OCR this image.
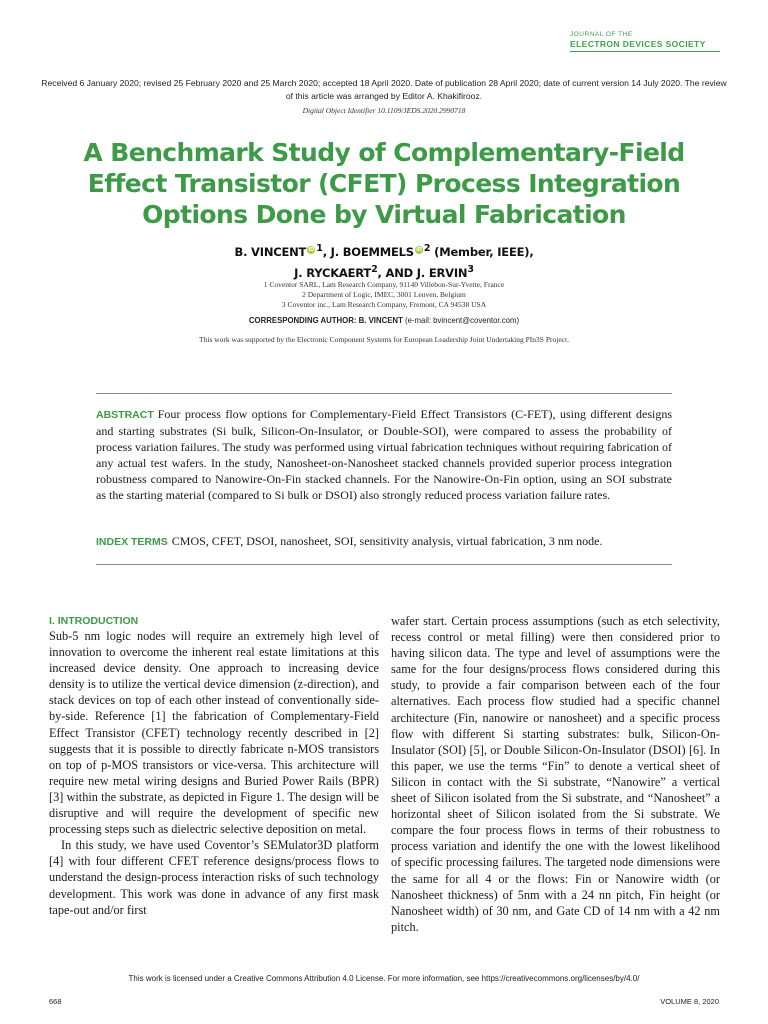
JOURNAL OF THE
ELECTRON DEVICES SOCIETY
Received 6 January 2020; revised 25 February 2020 and 25 March 2020; accepted 18 April 2020. Date of publication 28 April 2020; date of current version 14 July 2020. The review of this article was arranged by Editor A. Khakifirooz.
Digital Object Identifier 10.1109/JEDS.2020.2990718
A Benchmark Study of Complementary-Field Effect Transistor (CFET) Process Integration Options Done by Virtual Fabrication
B. VINCENT iD $^1$, J. BOEMMELS iD $^2$ (Member, IEEE),
J. RYCKAERT$^2$, AND J. ERVIN$^3$
1 Coventor SARL, Lam Research Company, 91140 Villebon-Sur-Yvette, France
2 Department of Logic, IMEC, 3001 Leuven, Belgium
3 Coventor inc., Lam Research Company, Fremont, CA 94538 USA
CORRESPONDING AUTHOR: B. VINCENT (e-mail: bvincent@coventor.com)
This work was supported by the Electronic Component Systems for European Leadership Joint Undertaking PIn3S Project.

ABSTRACT Four process flow options for Complementary-Field Effect Transistors (C-FET), using different designs and starting substrates (Si bulk, Silicon-On-Insulator, or Double-SOI), were compared to assess the probability of process variation failures. The study was performed using virtual fabrication techniques without requiring fabrication of any actual test wafers. In the study, Nanosheet-on-Nanosheet stacked channels provided superior process integration robustness compared to Nanowire-On-Fin stacked channels. For the Nanowire-On-Fin option, using an SOI substrate as the starting material (compared to Si bulk or DSOI) also strongly reduced process variation failure rates.

INDEX TERMS CMOS, CFET, DSOI, nanosheet, SOI, sensitivity analysis, virtual fabrication, 3 nm node.

I. INTRODUCTION

Sub-5 nm logic nodes will require an extremely high level of innovation to overcome the inherent real estate limitations at this increased device density. One approach to increasing device density is to utilize the vertical device dimension (z-direction), and stack devices on top of each other instead of conventionally side-by-side. Reference [1] the fabrication of Complementary-Field Effect Transistor (CFET) technology recently described in [2] suggests that it is possible to directly fabricate n-MOS transistors on top of p-MOS transistors or vice-versa. This architecture will require new metal wiring designs and Buried Power Rails (BPR) [3] within the substrate, as depicted in Figure 1. The design will be disruptive and will require the development of specific new processing steps such as dielectric selective deposition on metal.

In this study, we have used Coventor’s SEMulator3D platform [4] with four different CFET reference designs/process flows to understand the design-process interaction risks of such technology development. This work was done in advance of any first mask tape-out and/or first

wafer start. Certain process assumptions (such as etch selectivity, recess control or metal filling) were then considered prior to having silicon data. The type and level of assumptions were the same for the four designs/process flows considered during this study, to provide a fair comparison between each of the four alternatives. Each process flow studied had a specific channel architecture (Fin, nanowire or nanosheet) and a specific process flow with different Si starting substrates: bulk, Silicon-On-Insulator (SOI) [5], or Double Silicon-On-Insulator (DSOI) [6]. In this paper, we use the terms “Fin” to denote a vertical sheet of Silicon in contact with the Si substrate, “Nanowire” a vertical sheet of Silicon isolated from the Si substrate, and “Nanosheet” a horizontal sheet of Silicon isolated from the Si substrate. We compare the four process flows in terms of their robustness to process variation and identify the one with the lowest likelihood of specific processing failures. The targeted node dimensions were the same for all 4 or the flows: Fin or Nanowire width (or Nanosheet thickness) of 5nm with a 24 nn pitch, Fin height (or Nanosheet width) of 30 nm, and Gate CD of 14 nm with a 42 nm pitch.

This work is licensed under a Creative Commons Attribution 4.0 License. For more information, see https://creativecommons.org/licenses/by/4.0/
668	VOLUME 8, 2020
